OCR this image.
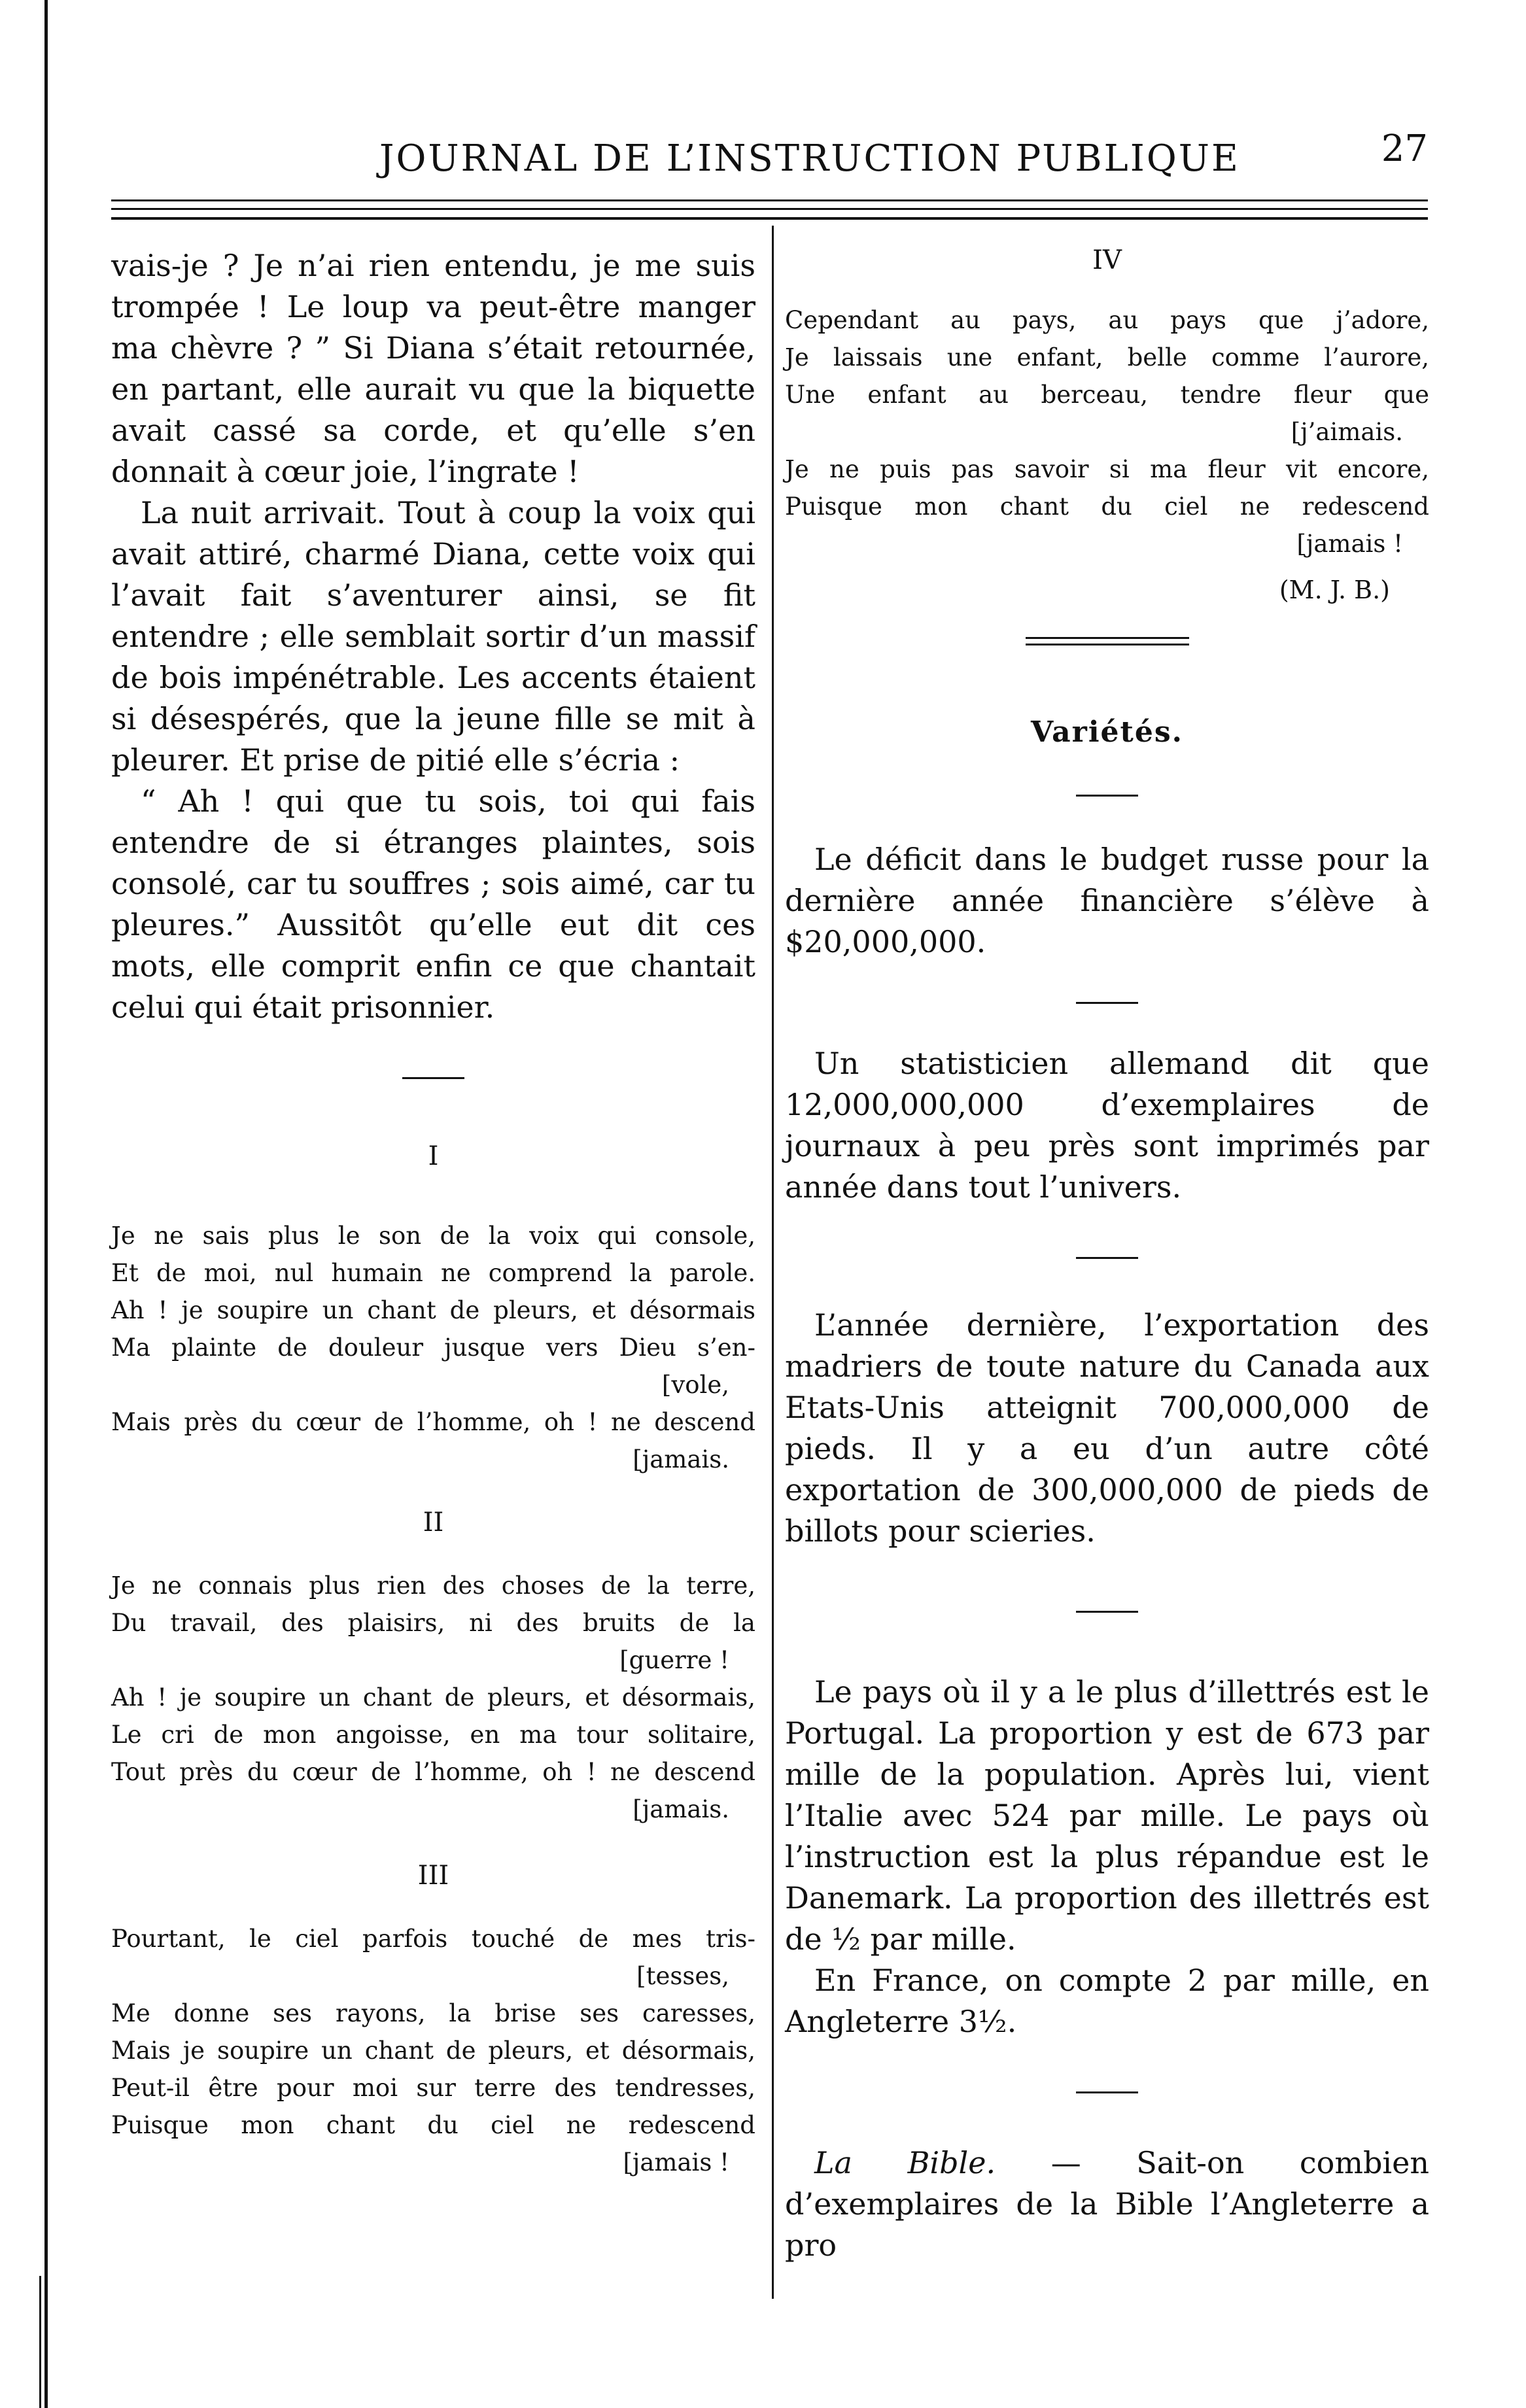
JOURNAL DE L’INSTRUCTION PUBLIQUE	27

vais-je ? Je n’ai rien entendu, je me suis trompée ! Le loup va peut-être manger ma chèvre ? ” Si Diana s’était retournée, en partant, elle aurait vu que la biquette avait cassé sa corde, et qu’elle s’en donnait à cœur joie, l’ingrate !

La nuit arrivait. Tout à coup la voix qui avait attiré, charmé Diana, cette voix qui l’avait fait s’aventurer ainsi, se fit entendre ; elle semblait sortir d’un massif de bois impénétrable. Les accents étaient si désespérés, que la jeune fille se mit à pleurer. Et prise de pitié elle s’écria :

“ Ah ! qui que tu sois, toi qui fais entendre de si étranges plaintes, sois consolé, car tu souffres ; sois aimé, car tu pleures.” Aussitôt qu’elle eut dit ces mots, elle comprit enfin ce que chantait celui qui était prisonnier.

I

Je ne sais plus le son de la voix qui console,
Et de moi, nul humain ne comprend la parole.
Ah ! je soupire un chant de pleurs, et désormais
Ma plainte de douleur jusque vers Dieu s’en-
[vole,
Mais près du cœur de l’homme, oh ! ne descend
[jamais.

II

Je ne connais plus rien des choses de la terre,
Du travail, des plaisirs, ni des bruits de la
[guerre !
Ah ! je soupire un chant de pleurs, et désormais,
Le cri de mon angoisse, en ma tour solitaire,
Tout près du cœur de l’homme, oh ! ne descend
[jamais.

III

Pourtant, le ciel parfois touché de mes tris-
[tesses,
Me donne ses rayons, la brise ses caresses,
Mais je soupire un chant de pleurs, et désormais,
Peut-il être pour moi sur terre des tendresses,
Puisque mon chant du ciel ne redescend
[jamais !

IV

Cependant au pays, au pays que j’adore,
Je laissais une enfant, belle comme l’aurore,
Une enfant au berceau, tendre fleur que
[j’aimais.
Je ne puis pas savoir si ma fleur vit encore,
Puisque mon chant du ciel ne redescend
[jamais !

(M. J. B.)

Variétés.

Le déficit dans le budget russe pour la dernière année financière s’élève à $20,000,000.

Un statisticien allemand dit que 12,000,000,000 d’exemplaires de journaux à peu près sont imprimés par année dans tout l’univers.

L’année dernière, l’exportation des madriers de toute nature du Canada aux Etats-Unis atteignit 700,000,000 de pieds. Il y a eu d’un autre côté exportation de 300,000,000 de pieds de billots pour scieries.

Le pays où il y a le plus d’illettrés est le Portugal. La proportion y est de 673 par mille de la population. Après lui, vient l’Italie avec 524 par mille. Le pays où l’instruction est la plus répandue est le Danemark. La proportion des illettrés est de ½ par mille.

En France, on compte 2 par mille, en Angleterre 3½.

La Bible. — Sait-on combien d’exemplaires de la Bible l’Angleterre a pro
